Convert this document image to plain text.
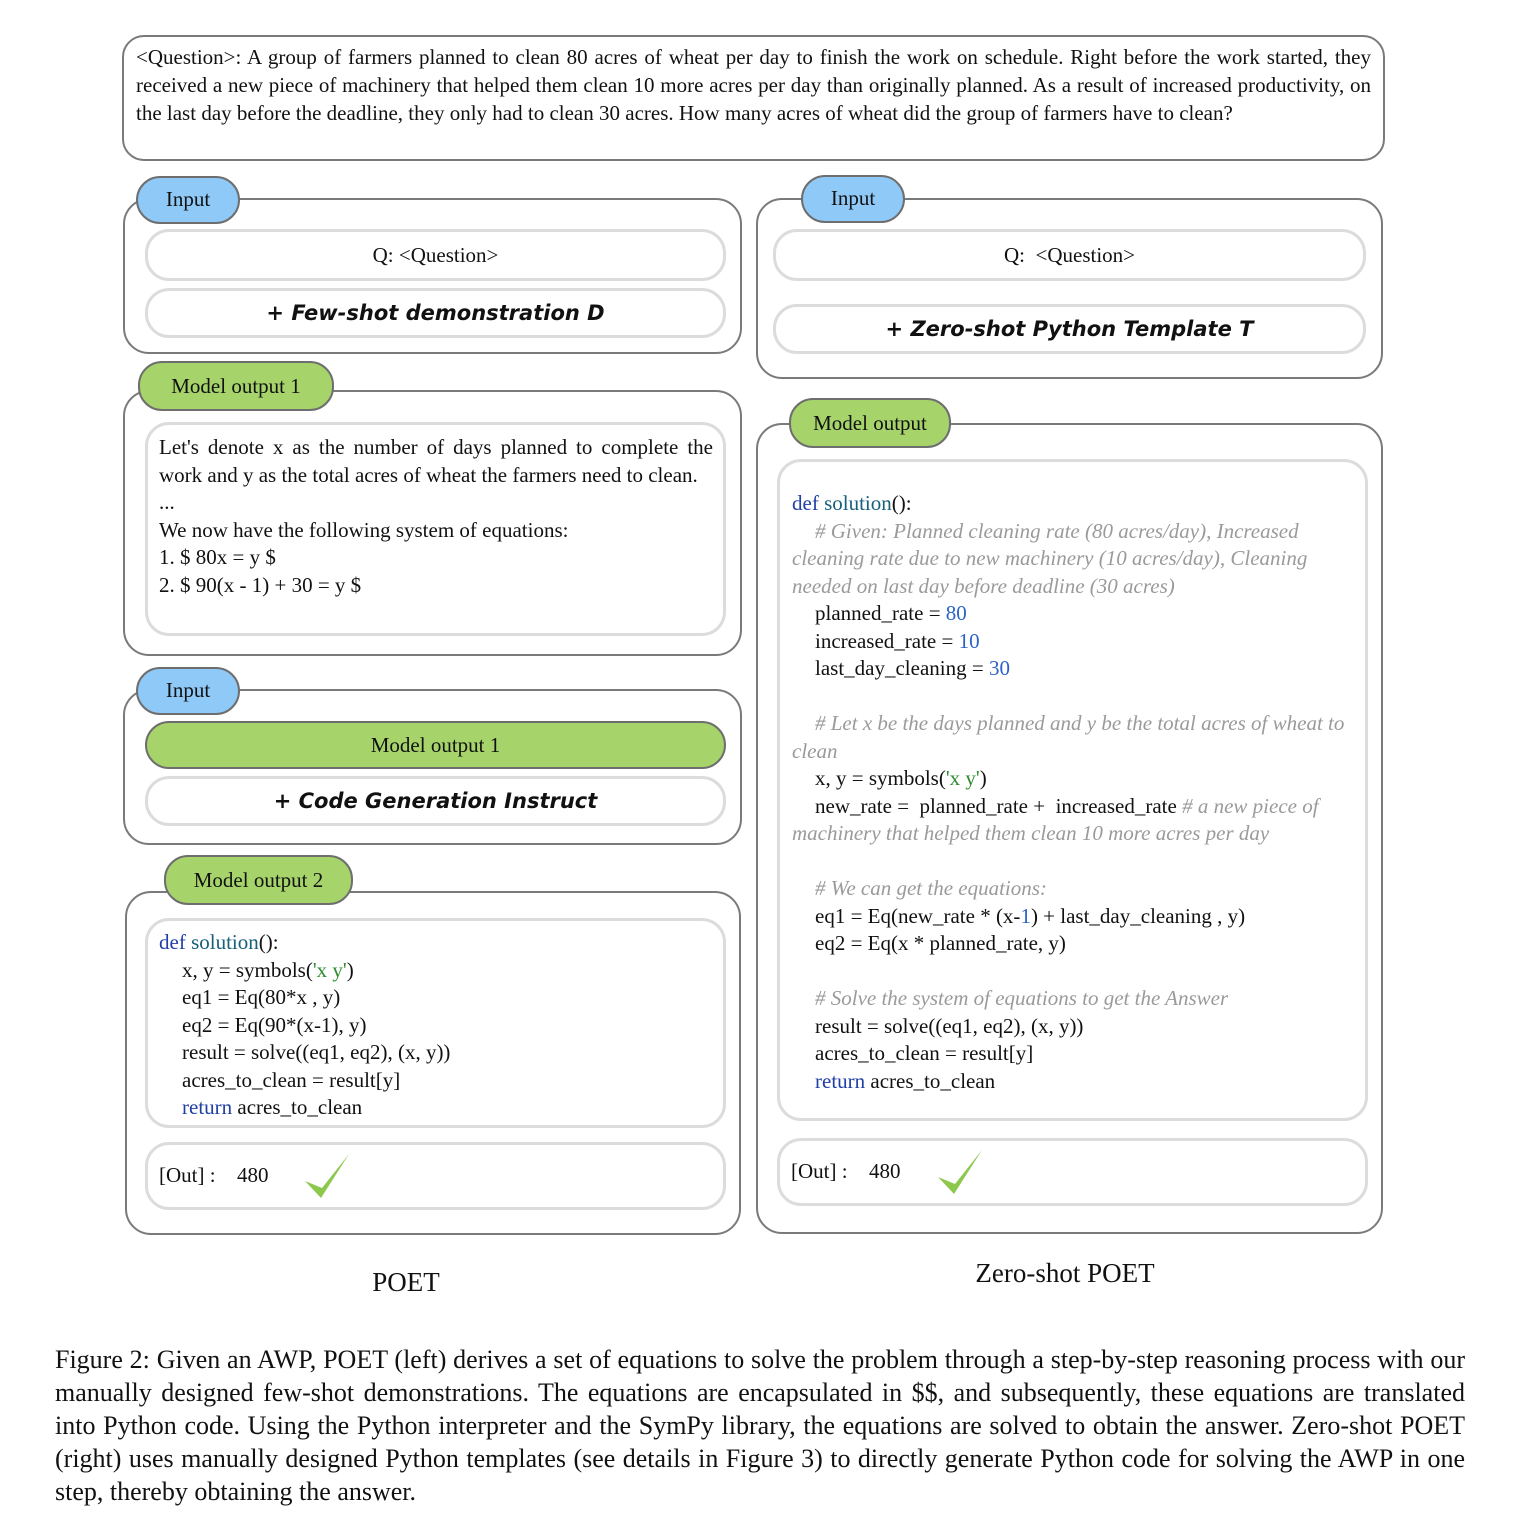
<Question>: A group of farmers planned to clean 80 acres of wheat per day to finish the work on schedule. Right before the work started, they received a new piece of machinery that helped them clean 10 more acres per day than originally planned. As a result of increased productivity, on the last day before the deadline, they only had to clean 30 acres. How many acres of wheat did the group of farmers have to clean?
Input
Q: <Question>
+ Few-shot demonstration D
Model output 1
Let's denote x as the number of days planned to complete the work and y as the total acres of wheat the farmers need to clean.
...
We now have the following system of equations:
1. $ 80x = y $
2. $ 90(x - 1) + 30 = y $
Input
Model output 1
+ Code Generation Instruct
Model output 2
def solution():
x, y = symbols('x y')
eq1 = Eq(80*x , y)
eq2 = Eq(90*(x-1), y)
result = solve((eq1, eq2), (x, y))
acres_to_clean = result[y]
return acres_to_clean
[Out] : 480
POET
Input
Q:  <Question>
+ Zero-shot Python Template T
Model output
def solution():
# Given: Planned cleaning rate (80 acres/day), Increased cleaning rate due to new machinery (10 acres/day), Cleaning needed on last day before deadline (30 acres)
planned_rate = 80
increased_rate = 10
last_day_cleaning = 30
# Let x be the days planned and y be the total acres of wheat to clean
x, y = symbols('x y')
new_rate =  planned_rate +  increased_rate # a new piece of machinery that helped them clean 10 more acres per day
# We can get the equations:
eq1 = Eq(new_rate * (x-1) + last_day_cleaning , y)
eq2 = Eq(x * planned_rate, y)
# Solve the system of equations to get the Answer
result = solve((eq1, eq2), (x, y))
acres_to_clean = result[y]
return acres_to_clean
[Out] : 480
Zero-shot POET
Figure 2: Given an AWP, POET (left) derives a set of equations to solve the problem through a step-by-step reasoning process with our manually designed few-shot demonstrations. The equations are encapsulated in $$, and subsequently, these equations are translated into Python code. Using the Python interpreter and the SymPy library, the equations are solved to obtain the answer. Zero-shot POET (right) uses manually designed Python templates (see details in Figure 3) to directly generate Python code for solving the AWP in one step, thereby obtaining the answer.
